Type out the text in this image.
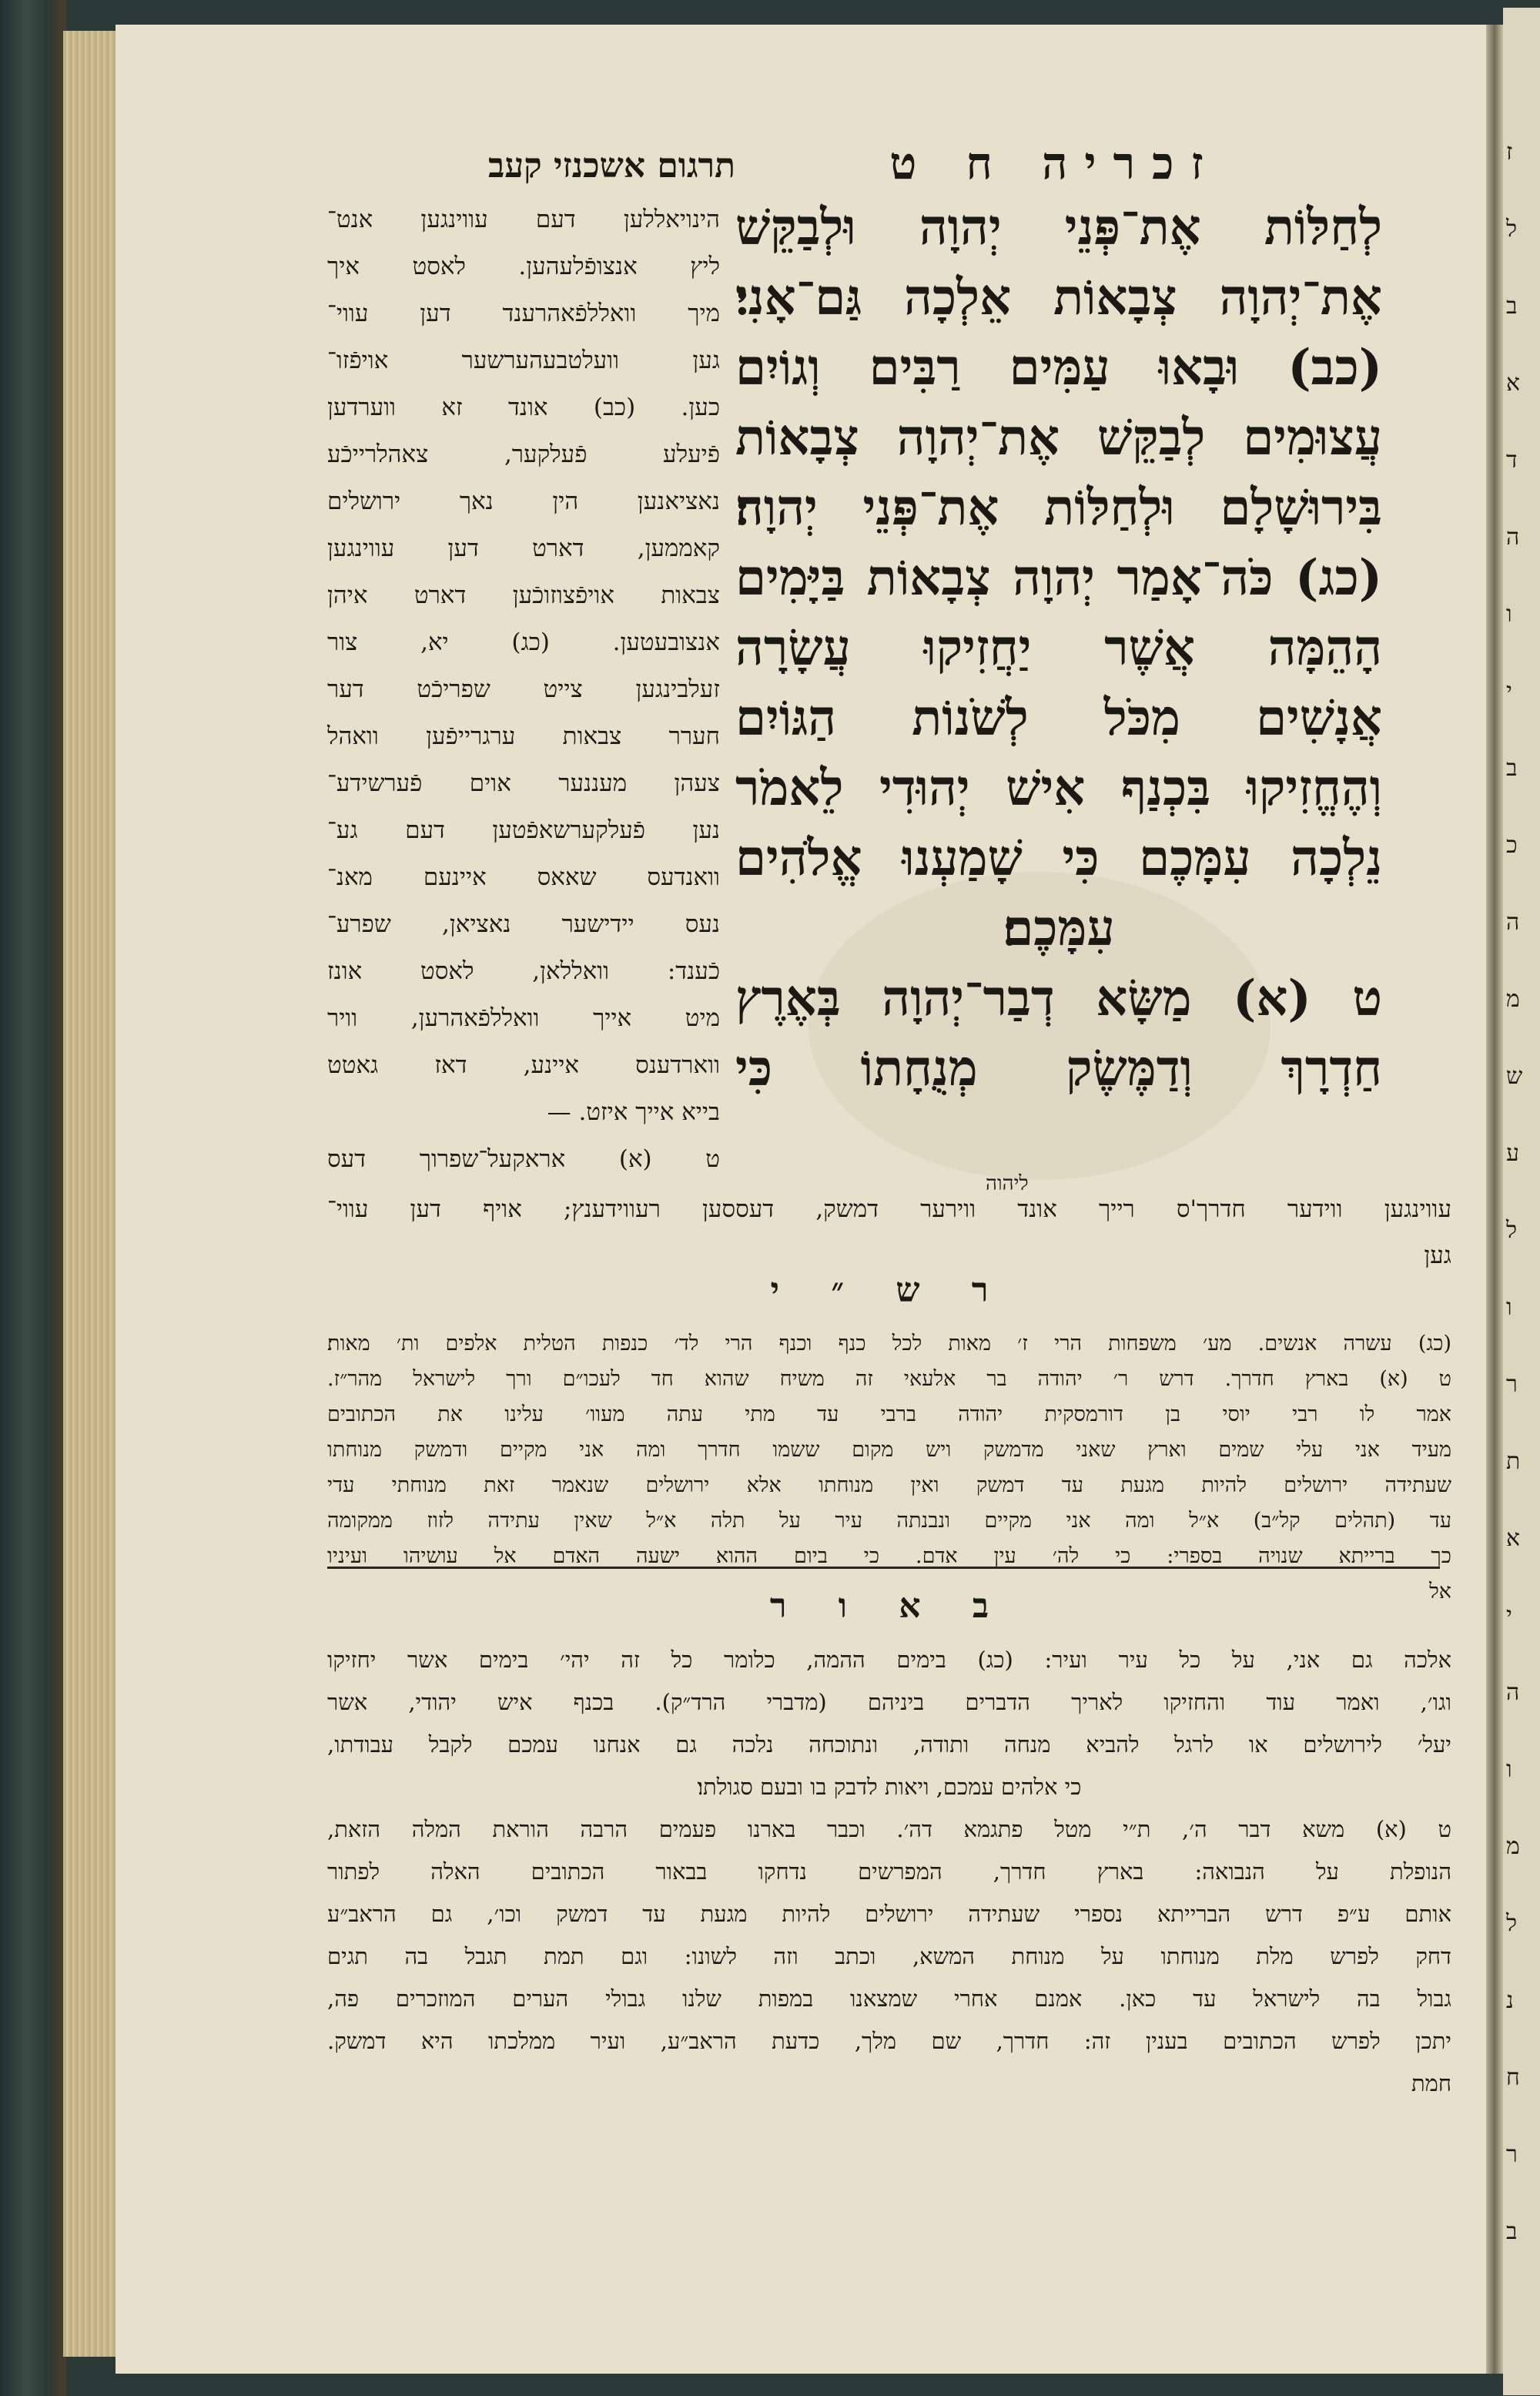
ז
ל
ב
א
ד
ה
ו
י
ב
כ
ה
מ
ש
ע
ל
ו
ר
ת
א
י
ה
ו
מ
ל
נ
ח
ר
ב
זכריה ח ט
תרגום אשכנזי קעב
לְחַלּוֹת אֶת־פְּנֵי יְהוָה וּלְבַקֵּשׁ
אֶת־יְהוָה צְבָאוֹת אֵלְכָה גַּם־אָנִי׃
(כב) וּבָאוּ עַמִּים רַבִּים וְגוֹיִם
עֲצוּמִים לְבַקֵּשׁ אֶת־יְהוָה צְבָאוֹת
בִּירוּשָׁלָם וּלְחַלּוֹת אֶת־פְּנֵי יְהוָה׃
(כג) כֹּה־אָמַר יְהוָה צְבָאוֹת בַּיָּמִים
הָהֵמָּה אֲשֶׁר יַחֲזִיקוּ עֲשָׂרָה
אֲנָשִׁים מִכֹּל לְשֹׁנוֹת הַגּוֹיִם
וְהֶחֱזִיקוּ בִּכְנַף אִישׁ יְהוּדִי לֵאמֹר
נֵלְכָה עִמָּכֶם כִּי שָׁמַעְנוּ אֱלֹהִים
עִמָּכֶם׃
ט (א) מַשָּׂא דְבַר־יְהוָה בְּאֶרֶץ
חַדְרָךְ וְדַמֶּשֶׂק מְנֻחָתוֹ כִּי
הינויאללען דעם עווינגען אנט־
ליץ אנצופֿלעהען. לאסט איך
מיך וואללפֿאהרענד דען עווי־
גען וועלטבעהערשער אויפֿזו־
כען. (כב) אונד זא ווערדען
פֿיעלע פֿעלקער, צאהלרייכֿע
נאציאנען הין נאך ירושלים
קאממען, דארט דען עווינגען
צבאות אויפֿצוזוכֿען דארט איהן
אנצובעטען. (כג) יא, צור
זעלבינגען צייט שפריכֿט דער
חערר צבאות ערגרייפֿען וואהל
צעהן מעננער אוים פֿערשידע־
נען פֿעלקערשאפֿטען דעם גע־
וואנדעס שאאס איינעם מאנ־
נעס יידישער נאציאן, שפרע־
כֿענד: וואללאן, לאסט אונז
מיט אייך וואללפֿאהרען, וויר
ווארדענס איינע, דאז גאטט
בייא אייך איזט. —
ט (א) אראקעל־שפרוך דעס
ליהוה
עווינגען ווידער חדרך'ס רייך אונד ווירער דמשק, דעססען רעווידענץ; אויף דען עווי־
גען
ר ש ״ י
(כג) עשרה אנשים. מע׳ משפחות הרי ז׳ מאות לכל כנף וכנף הרי לד׳ כנפות הטלית אלפים ות׳ מאות׃
ט (א) בארץ חדרך. דרש ר׳ יהודה בר אלעאי זה משיח שהוא חד לעכו״ם ורך לישראל מהר״ז.
אמר לו רבי יוסי בן דורמסקית יהודה ברבי עד מתי עתה מעוו׳ עלינו את הכתובים
מעיד אני עלי שמים וארץ שאני מדמשק ויש מקום ששמו חדרך ומה אני מקיים ודמשק מנוחתו
שעתידה ירושלים להיות מגעת עד דמשק ואין מנוחתו אלא ירושלים שנאמר זאת מנוחתי עדי
עד (תהלים קל״ב) א״ל ומה אני מקיים ונבנתה עיר על תלה א״ל שאין עתידה לזוז ממקומה
כך ברייתא שנויה בספרי: כי לה׳ עין אדם. כי ביום ההוא ישעה האדם אל עושיהו ועיניו
אל
ב א ו ר
אלכה גם אני, על כל עיר ועיר: (כג) בימים ההמה, כלומר כל זה יהי׳ בימים אשר יחזיקו
וגו׳, ואמר עוד והחזיקו לאריך הדברים ביניהם (מדברי הרד״ק). בכנף איש יהודי, אשר
יעל׳ לירושלים או לרגל להביא מנחה ותודה, ונתוכחה נלכה גם אנחנו עמכם לקבל עבודתו,
כי אלהים עמכם, ויאות לדבק בו ובעם סגולתו׃
ט (א) משא דבר ה׳, ת״י מטל פתגמא דה׳. וכבר בארנו פעמים הרבה הוראת המלה הזאת,
הנופלת על הנבואה: בארץ חדרך, המפרשים נדחקו בבאור הכתובים האלה לפתור
אותם ע״פ דרש הברייתא נספרי שעתידה ירושלים להיות מגעת עד דמשק וכו׳, גם הראב״ע
דחק לפרש מלת מנוחתו על מנוחת המשא, וכתב וזה לשונו: וגם תמת תגבל בה תגים
גבול בה לישראל עד כאן. אמנם אחרי שמצאנו במפות שלנו גבולי הערים המוזכרים פה,
יתכן לפרש הכתובים בענין זה: חדרך, שם מלך, כדעת הראב״ע, ועיר ממלכתו היא דמשק.
חמת
